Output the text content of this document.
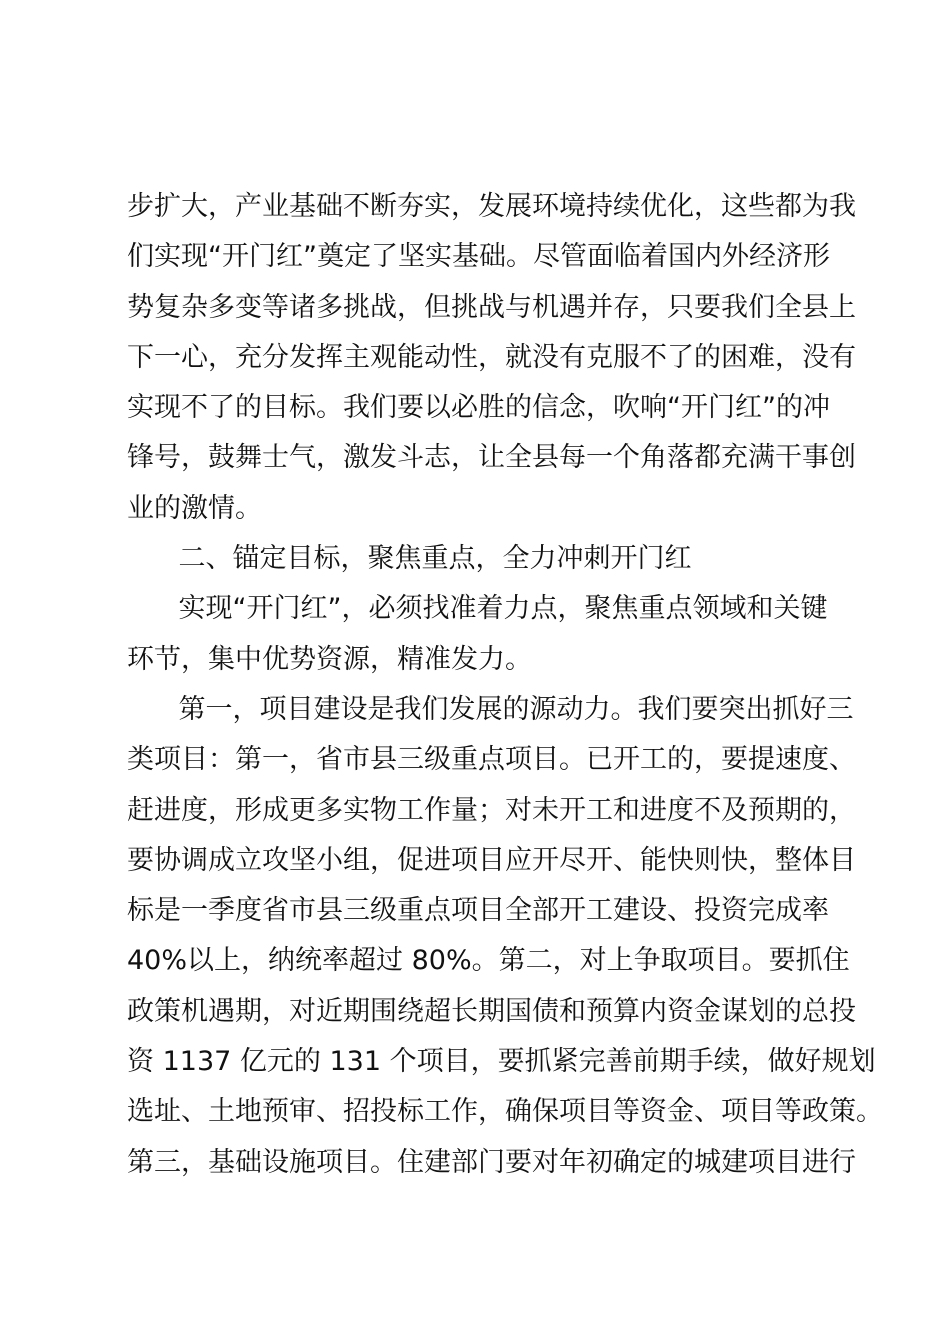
步扩大，产业基础不断夯实，发展环境持续优化，这些都为我
们实现“开门红”奠定了坚实基础。尽管面临着国内外经济形
势复杂多变等诸多挑战，但挑战与机遇并存，只要我们全县上
下一心，充分发挥主观能动性，就没有克服不了的困难，没有
实现不了的目标。我们要以必胜的信念，吹响“开门红”的冲
锋号，鼓舞士气，激发斗志，让全县每一个角落都充满干事创
业的激情。
二、锚定目标，聚焦重点，全力冲刺开门红
实现“开门红”，必须找准着力点，聚焦重点领域和关键
环节，集中优势资源，精准发力。
第一，项目建设是我们发展的源动力。我们要突出抓好三
类项目：第一，省市县三级重点项目。已开工的，要提速度、
赶进度，形成更多实物工作量；对未开工和进度不及预期的，
要协调成立攻坚小组，促进项目应开尽开、能快则快，整体目
标是一季度省市县三级重点项目全部开工建设、投资完成率
40%以上，纳统率超过 80%。第二，对上争取项目。要抓住
政策机遇期，对近期围绕超长期国债和预算内资金谋划的总投
资 1137 亿元的 131 个项目，要抓紧完善前期手续，做好规划
选址、土地预审、招投标工作，确保项目等资金、项目等政策。
第三，基础设施项目。住建部门要对年初确定的城建项目进行
